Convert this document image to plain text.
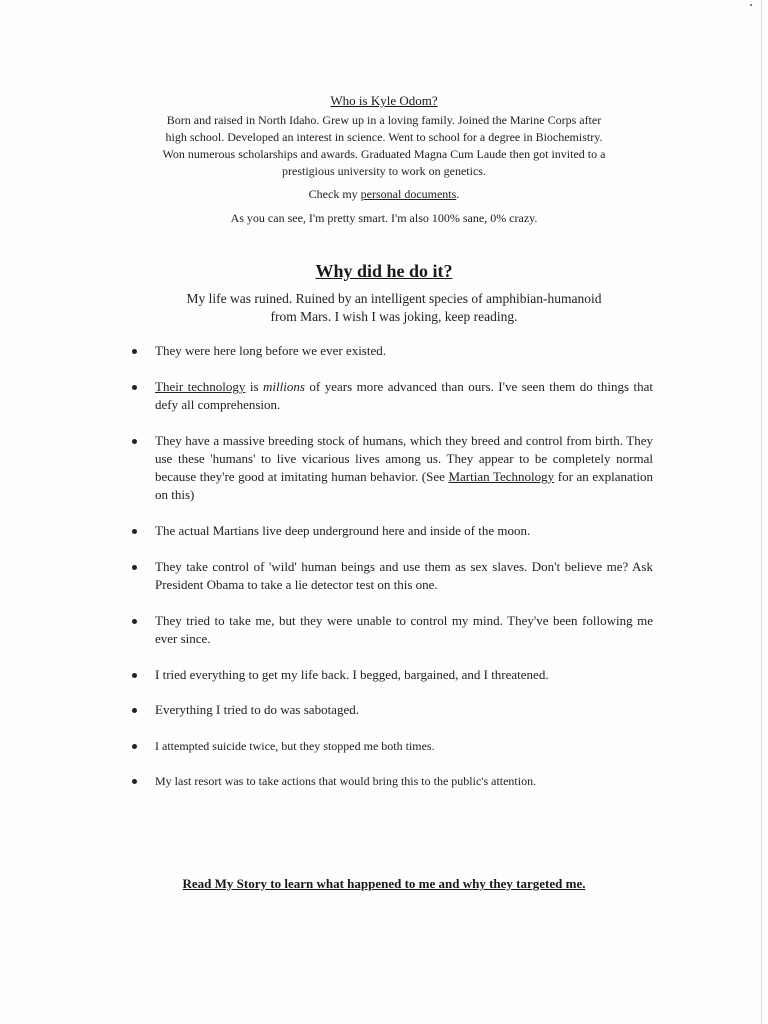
Who is Kyle Odom?
Born and raised in North Idaho. Grew up in a loving family. Joined the Marine Corps after
high school. Developed an interest in science. Went to school for a degree in Biochemistry.
Won numerous scholarships and awards. Graduated Magna Cum Laude then got invited to a
prestigious university to work on genetics.
Check my personal documents.
As you can see, I'm pretty smart. I'm also 100% sane, 0% crazy.
Why did he do it?
My life was ruined. Ruined by an intelligent species of amphibian-humanoid
from Mars. I wish I was joking, keep reading.
They were here long before we ever existed.
Their technology is millions of years more advanced than ours. I've seen them do things that defy all comprehension.
They have a massive breeding stock of humans, which they breed and control from birth. They use these 'humans' to live vicarious lives among us. They appear to be completely normal because they're good at imitating human behavior. (See Martian Technology for an explanation on this)
The actual Martians live deep underground here and inside of the moon.
They take control of 'wild' human beings and use them as sex slaves. Don't believe me? Ask President Obama to take a lie detector test on this one.
They tried to take me, but they were unable to control my mind. They've been following me ever since.
I tried everything to get my life back. I begged, bargained, and I threatened.
Everything I tried to do was sabotaged.
I attempted suicide twice, but they stopped me both times.
My last resort was to take actions that would bring this to the public's attention.
Read My Story to learn what happened to me and why they targeted me.
